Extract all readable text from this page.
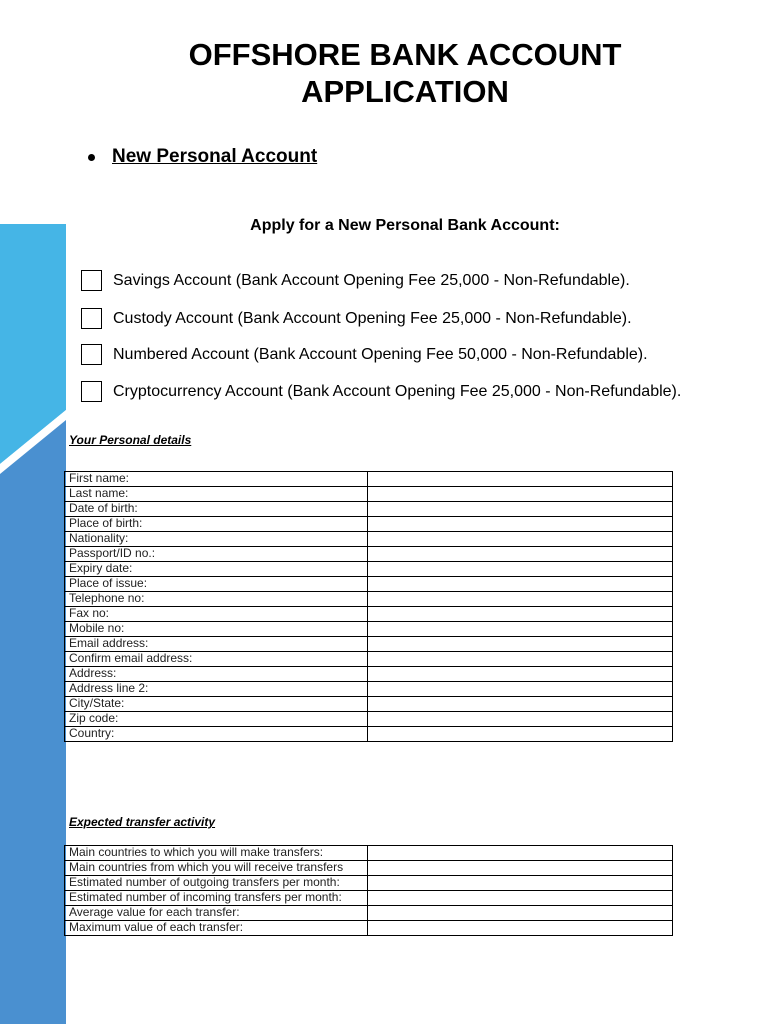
OFFSHORE BANK ACCOUNT
APPLICATION
New Personal Account
Apply for a New Personal Bank Account:
Savings Account (Bank Account Opening Fee 25,000 - Non-Refundable).
Custody Account (Bank Account Opening Fee 25,000 - Non-Refundable).
Numbered Account (Bank Account Opening Fee 50,000 - Non-Refundable).
Cryptocurrency Account (Bank Account Opening Fee 25,000 - Non-Refundable).
Your Personal details
First name:	
Last name:	
Date of birth:	
Place of birth:	
Nationality:	
Passport/ID no.:	
Expiry date:	
Place of issue:	
Telephone no:	
Fax no:	
Mobile no:	
Email address:	
Confirm email address:	
Address:	
Address line 2:	
City/State:	
Zip code:	
Country:	
Expected transfer activity
Main countries to which you will make transfers:	
Main countries from which you will receive transfers	
Estimated number of outgoing transfers per month:	
Estimated number of incoming transfers per month:	
Average value for each transfer:	
Maximum value of each transfer:	
